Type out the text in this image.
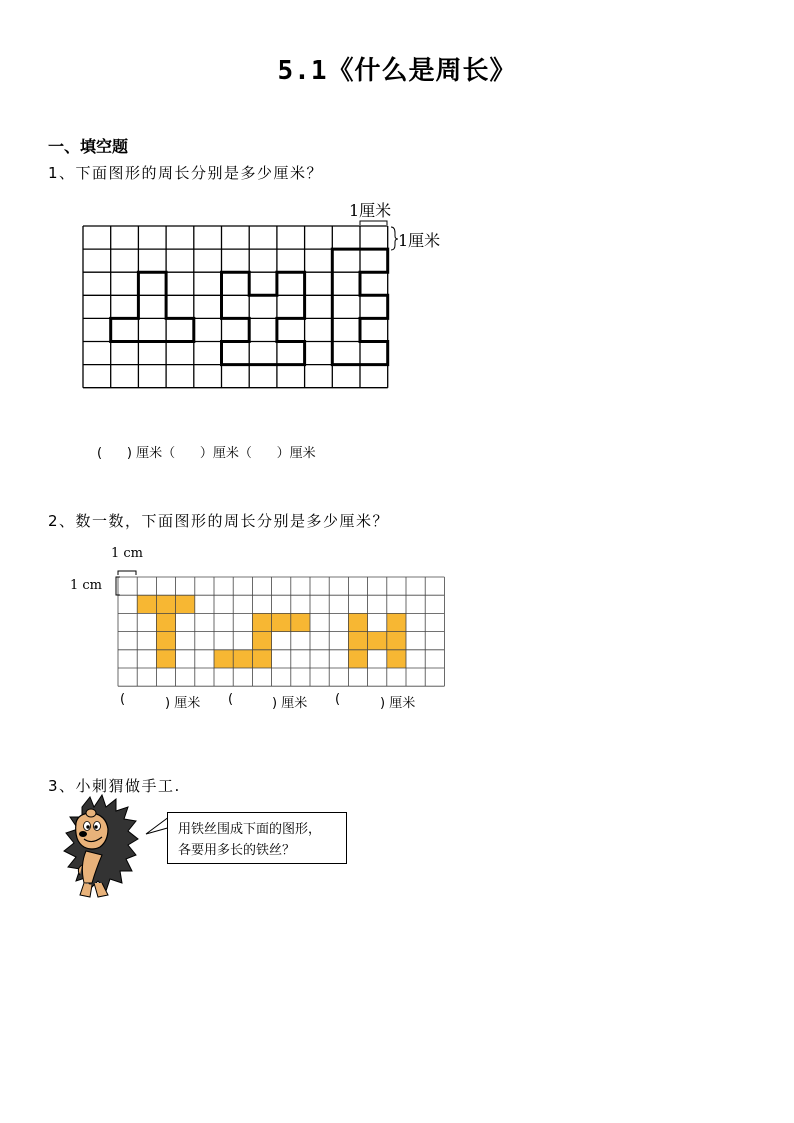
5.1《什么是周长》
一、填空题
1、下面图形的周长分别是多少厘米？
1厘米
1厘米
(      ) 厘米（      ）厘米（      ）厘米
2、数一数，下面图形的周长分别是多少厘米？
1 cm
1 cm
(	) 厘米 (	) 厘米 (	) 厘米
3、小刺猬做手工.
用铁丝围成下面的图形，
各要用多长的铁丝？
